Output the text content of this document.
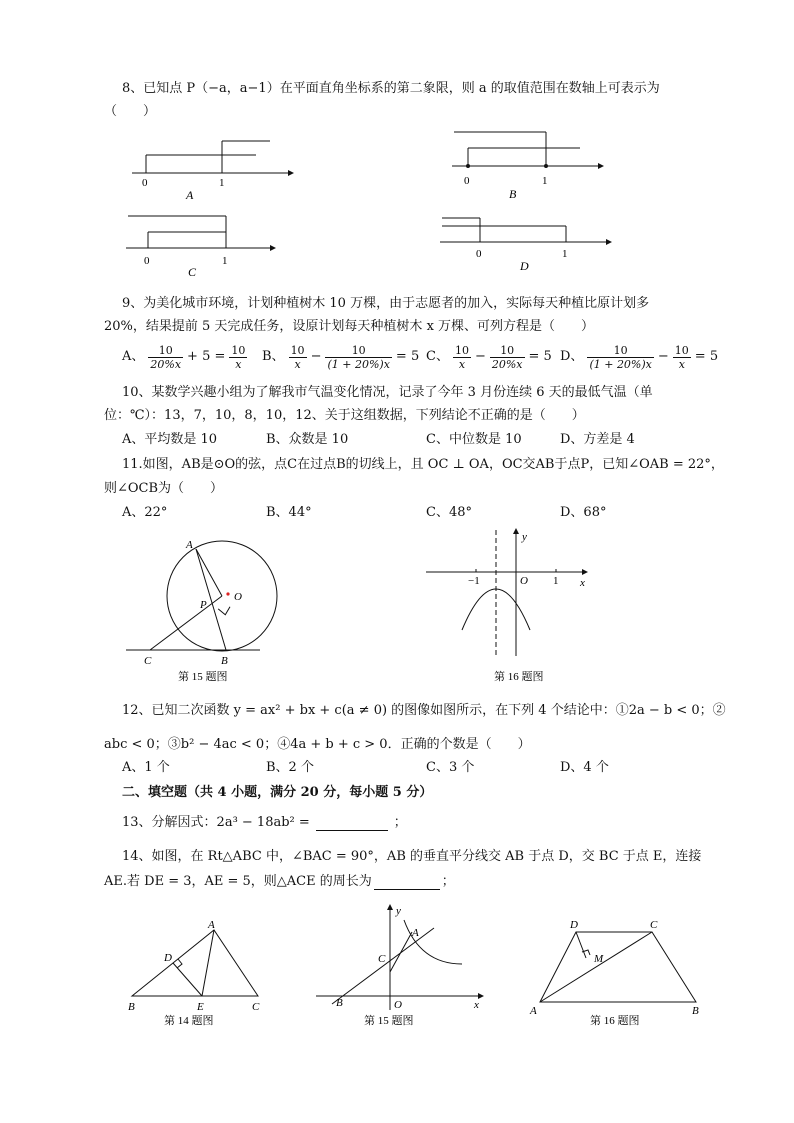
8、已知点 P（−a，a−1）在平面直角坐标系的第二象限，则 a 的取值范围在数轴上可表示为
（　　）
0	1
A
0	1
B
0	1
C
0	1
D
9、为美化城市环境，计划种植树木 10 万棵，由于志愿者的加入，实际每天种植比原计划多
20%，结果提前 5 天完成任务，设原计划每天种植树木 x 万棵、可列方程是（　　）
A、 $\frac{10}{20\%x} + 5 = \frac{10}{x}$ B、 $\frac{10}{x} - \frac{10}{(1 + 20\%)x} = 5$ C、 $\frac{10}{x} - \frac{10}{20\%x} = 5$ D、 $\frac{10}{(1 + 20\%)x} - \frac{10}{x} = 5$
10、某数学兴趣小组为了解我市气温变化情况，记录了今年 3 月份连续 6 天的最低气温（单
位：℃）：13，7，10，8，10，12、关于这组数据，下列结论不正确的是（　　）
A、平均数是 10	B、众数是 10	C、中位数是 10	D、方差是 4
11.如图，AB是⊙O的弦，点C在过点B的切线上，且 OC ⊥ OA，OC交AB于点P，已知∠OAB = 22°，
则∠OCB为（　　）
A、22°	B、44°	C、48°	D、68°
A
O
P
C	B
第 15 题图
y
x
O
−1	1
第 16 题图
12、已知二次函数 y = ax² + bx + c(a ≠ 0) 的图像如图所示，在下列 4 个结论中：①2a − b < 0；②
abc < 0；③b² − 4ac < 0；④4a + b + c > 0．正确的个数是（　　）
A、1 个	B、2 个	C、3 个	D、4 个
二、填空题（共 4 小题，满分 20 分，每小题 5 分）
13、分解因式：2a³ − 18ab² =	；
14、如图，在 Rt△ABC 中，∠BAC = 90°，AB 的垂直平分线交 AB 于点 D，交 BC 于点 E，连接
AE.若 DE = 3，AE = 5，则△ACE 的周长为	；
A
D
B	E	C
第 14 题图
y
A
C
B	O	x
第 15 题图
D	C
M
A	B
第 16 题图
